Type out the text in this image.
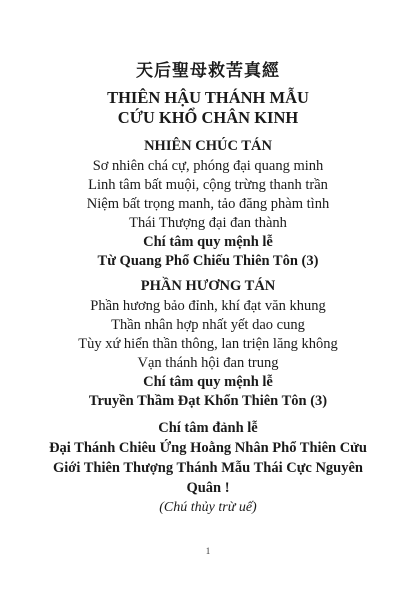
天后聖母救苦真經
THIÊN HẬU THÁNH MẪU
CỨU KHỔ CHÂN KINH
NHIÊN CHÚC TÁN
Sơ nhiên chá cự, phóng đại quang minh
Linh tâm bất muội, cộng trừng thanh trần
Niệm bất trọng manh, tảo đăng phàm tình
Thái Thượng đại đan thành
Chí tâm quy mệnh lễ
Từ Quang Phổ Chiếu Thiên Tôn (3)
PHẦN HƯƠNG TÁN
Phần hương bảo đỉnh, khí đạt văn khung
Thần nhân hợp nhất yết dao cung
Tùy xứ hiển thần thông, lan triện lăng không
Vạn thánh hội đan trung
Chí tâm quy mệnh lễ
Truyền Thầm Đạt Khổn Thiên Tôn (3)
Chí tâm đảnh lễ
Đại Thánh Chiêu Ứng Hoằng Nhân Phổ Thiên Cửu
Giới Thiên Thượng Thánh Mẫu Thái Cực Nguyên
Quân !
(Chú thủy trừ uế)
1
